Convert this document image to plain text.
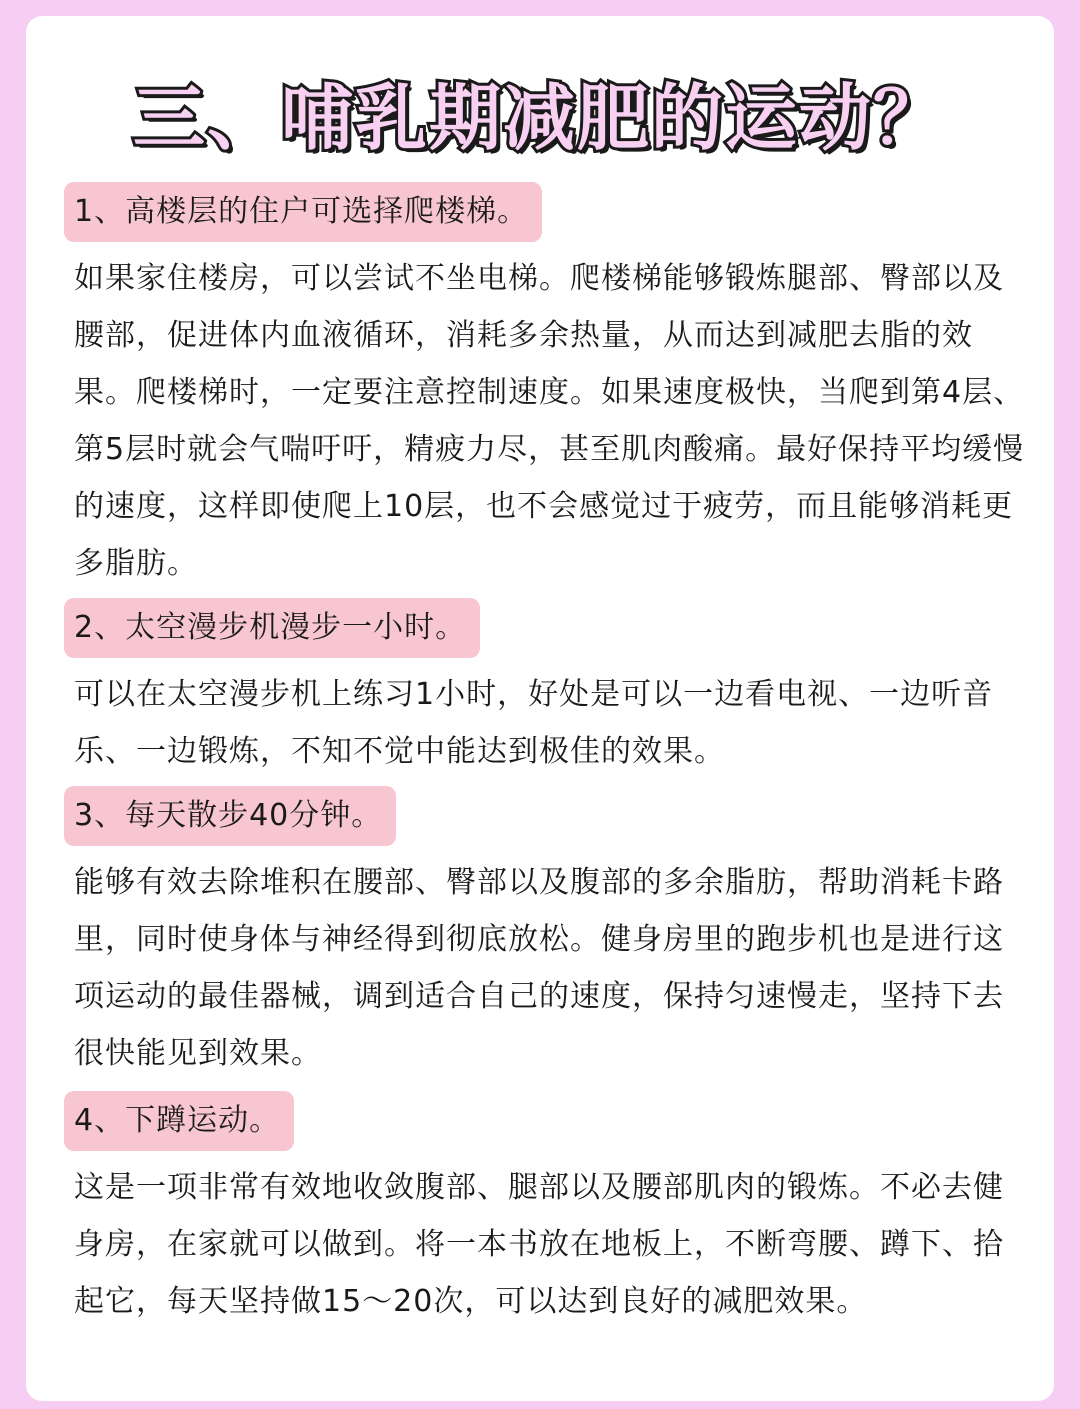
三、哺乳期减肥的运动？
1、高楼层的住户可选择爬楼梯。

如果家住楼房，可以尝试不坐电梯。爬楼梯能够锻炼腿部、臀部以及腰部，促进体内血液循环，消耗多余热量，从而达到减肥去脂的效果。爬楼梯时，一定要注意控制速度。如果速度极快，当爬到第4层、第5层时就会气喘吁吁，精疲力尽，甚至肌肉酸痛。最好保持平均缓慢的速度，这样即使爬上10层，也不会感觉过于疲劳，而且能够消耗更多脂肪。

2、太空漫步机漫步一小时。

可以在太空漫步机上练习1小时，好处是可以一边看电视、一边听音乐、一边锻炼，不知不觉中能达到极佳的效果。

3、每天散步40分钟。

能够有效去除堆积在腰部、臀部以及腹部的多余脂肪，帮助消耗卡路里，同时使身体与神经得到彻底放松。健身房里的跑步机也是进行这项运动的最佳器械，调到适合自己的速度，保持匀速慢走，坚持下去很快能见到效果。

4、下蹲运动。

这是一项非常有效地收敛腹部、腿部以及腰部肌肉的锻炼。不必去健身房，在家就可以做到。将一本书放在地板上，不断弯腰、蹲下、拾起它，每天坚持做15～20次，可以达到良好的减肥效果。
